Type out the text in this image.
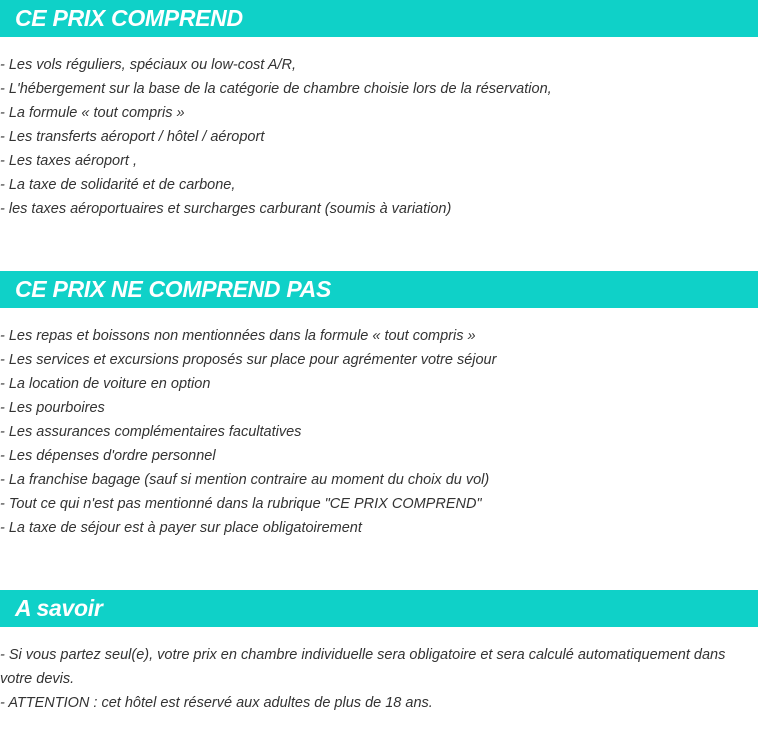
CE PRIX COMPREND
- Les vols réguliers, spéciaux ou low-cost A/R,
- L'hébergement sur la base de la catégorie de chambre choisie lors de la réservation,
- La formule « tout compris »
- Les transferts aéroport / hôtel / aéroport
- Les taxes aéroport ,
- La taxe de solidarité et de carbone,
- les taxes aéroportuaires et surcharges carburant (soumis à variation)
CE PRIX NE COMPREND PAS
- Les repas et boissons non mentionnées dans la formule « tout compris »
- Les services et excursions proposés sur place pour agrémenter votre séjour
- La location de voiture en option
- Les pourboires
- Les assurances complémentaires facultatives
- Les dépenses d'ordre personnel
- La franchise bagage (sauf si mention contraire au moment du choix du vol)
- Tout ce qui n'est pas mentionné dans la rubrique "CE PRIX COMPREND"
- La taxe de séjour est à payer sur place obligatoirement
A savoir
- Si vous partez seul(e), votre prix en chambre individuelle sera obligatoire et sera calculé automatiquement dans votre devis.
- ATTENTION : cet hôtel est réservé aux adultes de plus de 18 ans.
